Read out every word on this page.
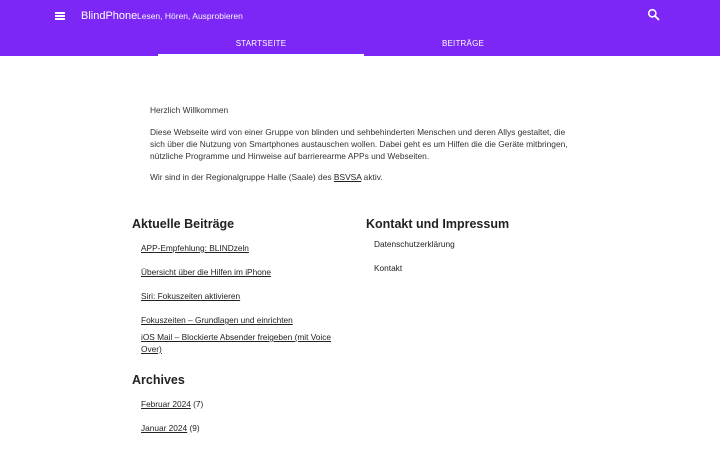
BlindPhone Lesen, Hören, Ausprobieren
STARTSEITE	BEITRÄGE

Herzlich Willkommen

Diese Webseite wird von einer Gruppe von blinden und sehbehinderten Menschen und deren Allys gestaltet, die sich über die Nutzung von Smartphones austauschen wollen. Dabei geht es um Hilfen die die Geräte mitbringen, nützliche Programme und Hinweise auf barrierearme APPs und Webseiten.

Wir sind in der Regionalgruppe Halle (Saale) des BSVSA aktiv.

Aktuelle Beiträge
APP-Empfehlung: BLINDzeln
Übersicht über die Hilfen im iPhone
Siri: Fokuszeiten aktivieren
Fokuszeiten – Grundlagen und einrichten
iOS Mail – Blockierte Absender freigeben (mit Voice Over)
Archives
Februar 2024 (7)
Januar 2024 (9)
Kontakt und Impressum
Datenschutzerklärung
Kontakt
